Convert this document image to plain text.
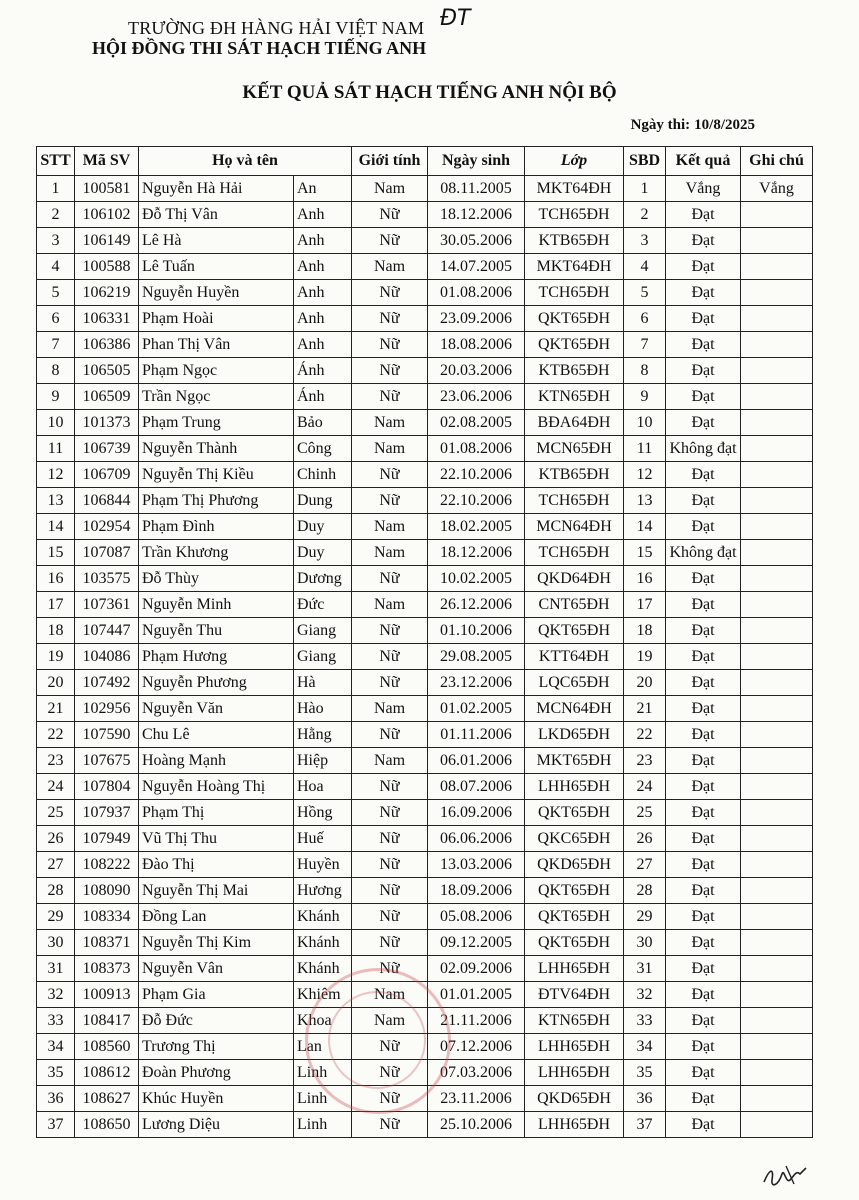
TRƯỜNG ĐH HÀNG HẢI VIỆT NAM
HỘI ĐỒNG THI SÁT HẠCH TIẾNG ANH
ĐT
KẾT QUẢ SÁT HẠCH TIẾNG ANH NỘI BỘ
Ngày thi: 10/8/2025
STT	Mã SV	Họ và tên		Giới tính	Ngày sinh	Lớp	SBD	Kết quả	Ghi chú
1	100581	Nguyễn Hà Hải	An	Nam	08.11.2005	MKT64ĐH	1	Vắng	Vắng
2	106102	Đỗ Thị Vân	Anh	Nữ	18.12.2006	TCH65ĐH	2	Đạt	
3	106149	Lê Hà	Anh	Nữ	30.05.2006	KTB65ĐH	3	Đạt	
4	100588	Lê Tuấn	Anh	Nam	14.07.2005	MKT64ĐH	4	Đạt	
5	106219	Nguyễn Huyền	Anh	Nữ	01.08.2006	TCH65ĐH	5	Đạt	
6	106331	Phạm Hoài	Anh	Nữ	23.09.2006	QKT65ĐH	6	Đạt	
7	106386	Phan Thị Vân	Anh	Nữ	18.08.2006	QKT65ĐH	7	Đạt	
8	106505	Phạm Ngọc	Ánh	Nữ	20.03.2006	KTB65ĐH	8	Đạt	
9	106509	Trần Ngọc	Ánh	Nữ	23.06.2006	KTN65ĐH	9	Đạt	
10	101373	Phạm Trung	Bảo	Nam	02.08.2005	BĐA64ĐH	10	Đạt	
11	106739	Nguyễn Thành	Công	Nam	01.08.2006	MCN65ĐH	11	Không đạt	
12	106709	Nguyễn Thị Kiều	Chinh	Nữ	22.10.2006	KTB65ĐH	12	Đạt	
13	106844	Phạm Thị Phương	Dung	Nữ	22.10.2006	TCH65ĐH	13	Đạt	
14	102954	Phạm Đình	Duy	Nam	18.02.2005	MCN64ĐH	14	Đạt	
15	107087	Trần Khương	Duy	Nam	18.12.2006	TCH65ĐH	15	Không đạt	
16	103575	Đỗ Thùy	Dương	Nữ	10.02.2005	QKD64ĐH	16	Đạt	
17	107361	Nguyễn Minh	Đức	Nam	26.12.2006	CNT65ĐH	17	Đạt	
18	107447	Nguyễn Thu	Giang	Nữ	01.10.2006	QKT65ĐH	18	Đạt	
19	104086	Phạm Hương	Giang	Nữ	29.08.2005	KTT64ĐH	19	Đạt	
20	107492	Nguyễn Phương	Hà	Nữ	23.12.2006	LQC65ĐH	20	Đạt	
21	102956	Nguyễn Văn	Hào	Nam	01.02.2005	MCN64ĐH	21	Đạt	
22	107590	Chu Lê	Hằng	Nữ	01.11.2006	LKD65ĐH	22	Đạt	
23	107675	Hoàng Mạnh	Hiệp	Nam	06.01.2006	MKT65ĐH	23	Đạt	
24	107804	Nguyễn Hoàng Thị	Hoa	Nữ	08.07.2006	LHH65ĐH	24	Đạt	
25	107937	Phạm Thị	Hồng	Nữ	16.09.2006	QKT65ĐH	25	Đạt	
26	107949	Vũ Thị Thu	Huế	Nữ	06.06.2006	QKC65ĐH	26	Đạt	
27	108222	Đào Thị	Huyền	Nữ	13.03.2006	QKD65ĐH	27	Đạt	
28	108090	Nguyễn Thị Mai	Hương	Nữ	18.09.2006	QKT65ĐH	28	Đạt	
29	108334	Đồng Lan	Khánh	Nữ	05.08.2006	QKT65ĐH	29	Đạt	
30	108371	Nguyễn Thị Kim	Khánh	Nữ	09.12.2005	QKT65ĐH	30	Đạt	
31	108373	Nguyễn Vân	Khánh	Nữ	02.09.2006	LHH65ĐH	31	Đạt	
32	100913	Phạm Gia	Khiêm	Nam	01.01.2005	ĐTV64ĐH	32	Đạt	
33	108417	Đỗ Đức	Khoa	Nam	21.11.2006	KTN65ĐH	33	Đạt	
34	108560	Trương Thị	Lan	Nữ	07.12.2006	LHH65ĐH	34	Đạt	
35	108612	Đoàn Phương	Linh	Nữ	07.03.2006	LHH65ĐH	35	Đạt	
36	108627	Khúc Huyền	Linh	Nữ	23.11.2006	QKD65ĐH	36	Đạt	
37	108650	Lương Diệu	Linh	Nữ	25.10.2006	LHH65ĐH	37	Đạt	
